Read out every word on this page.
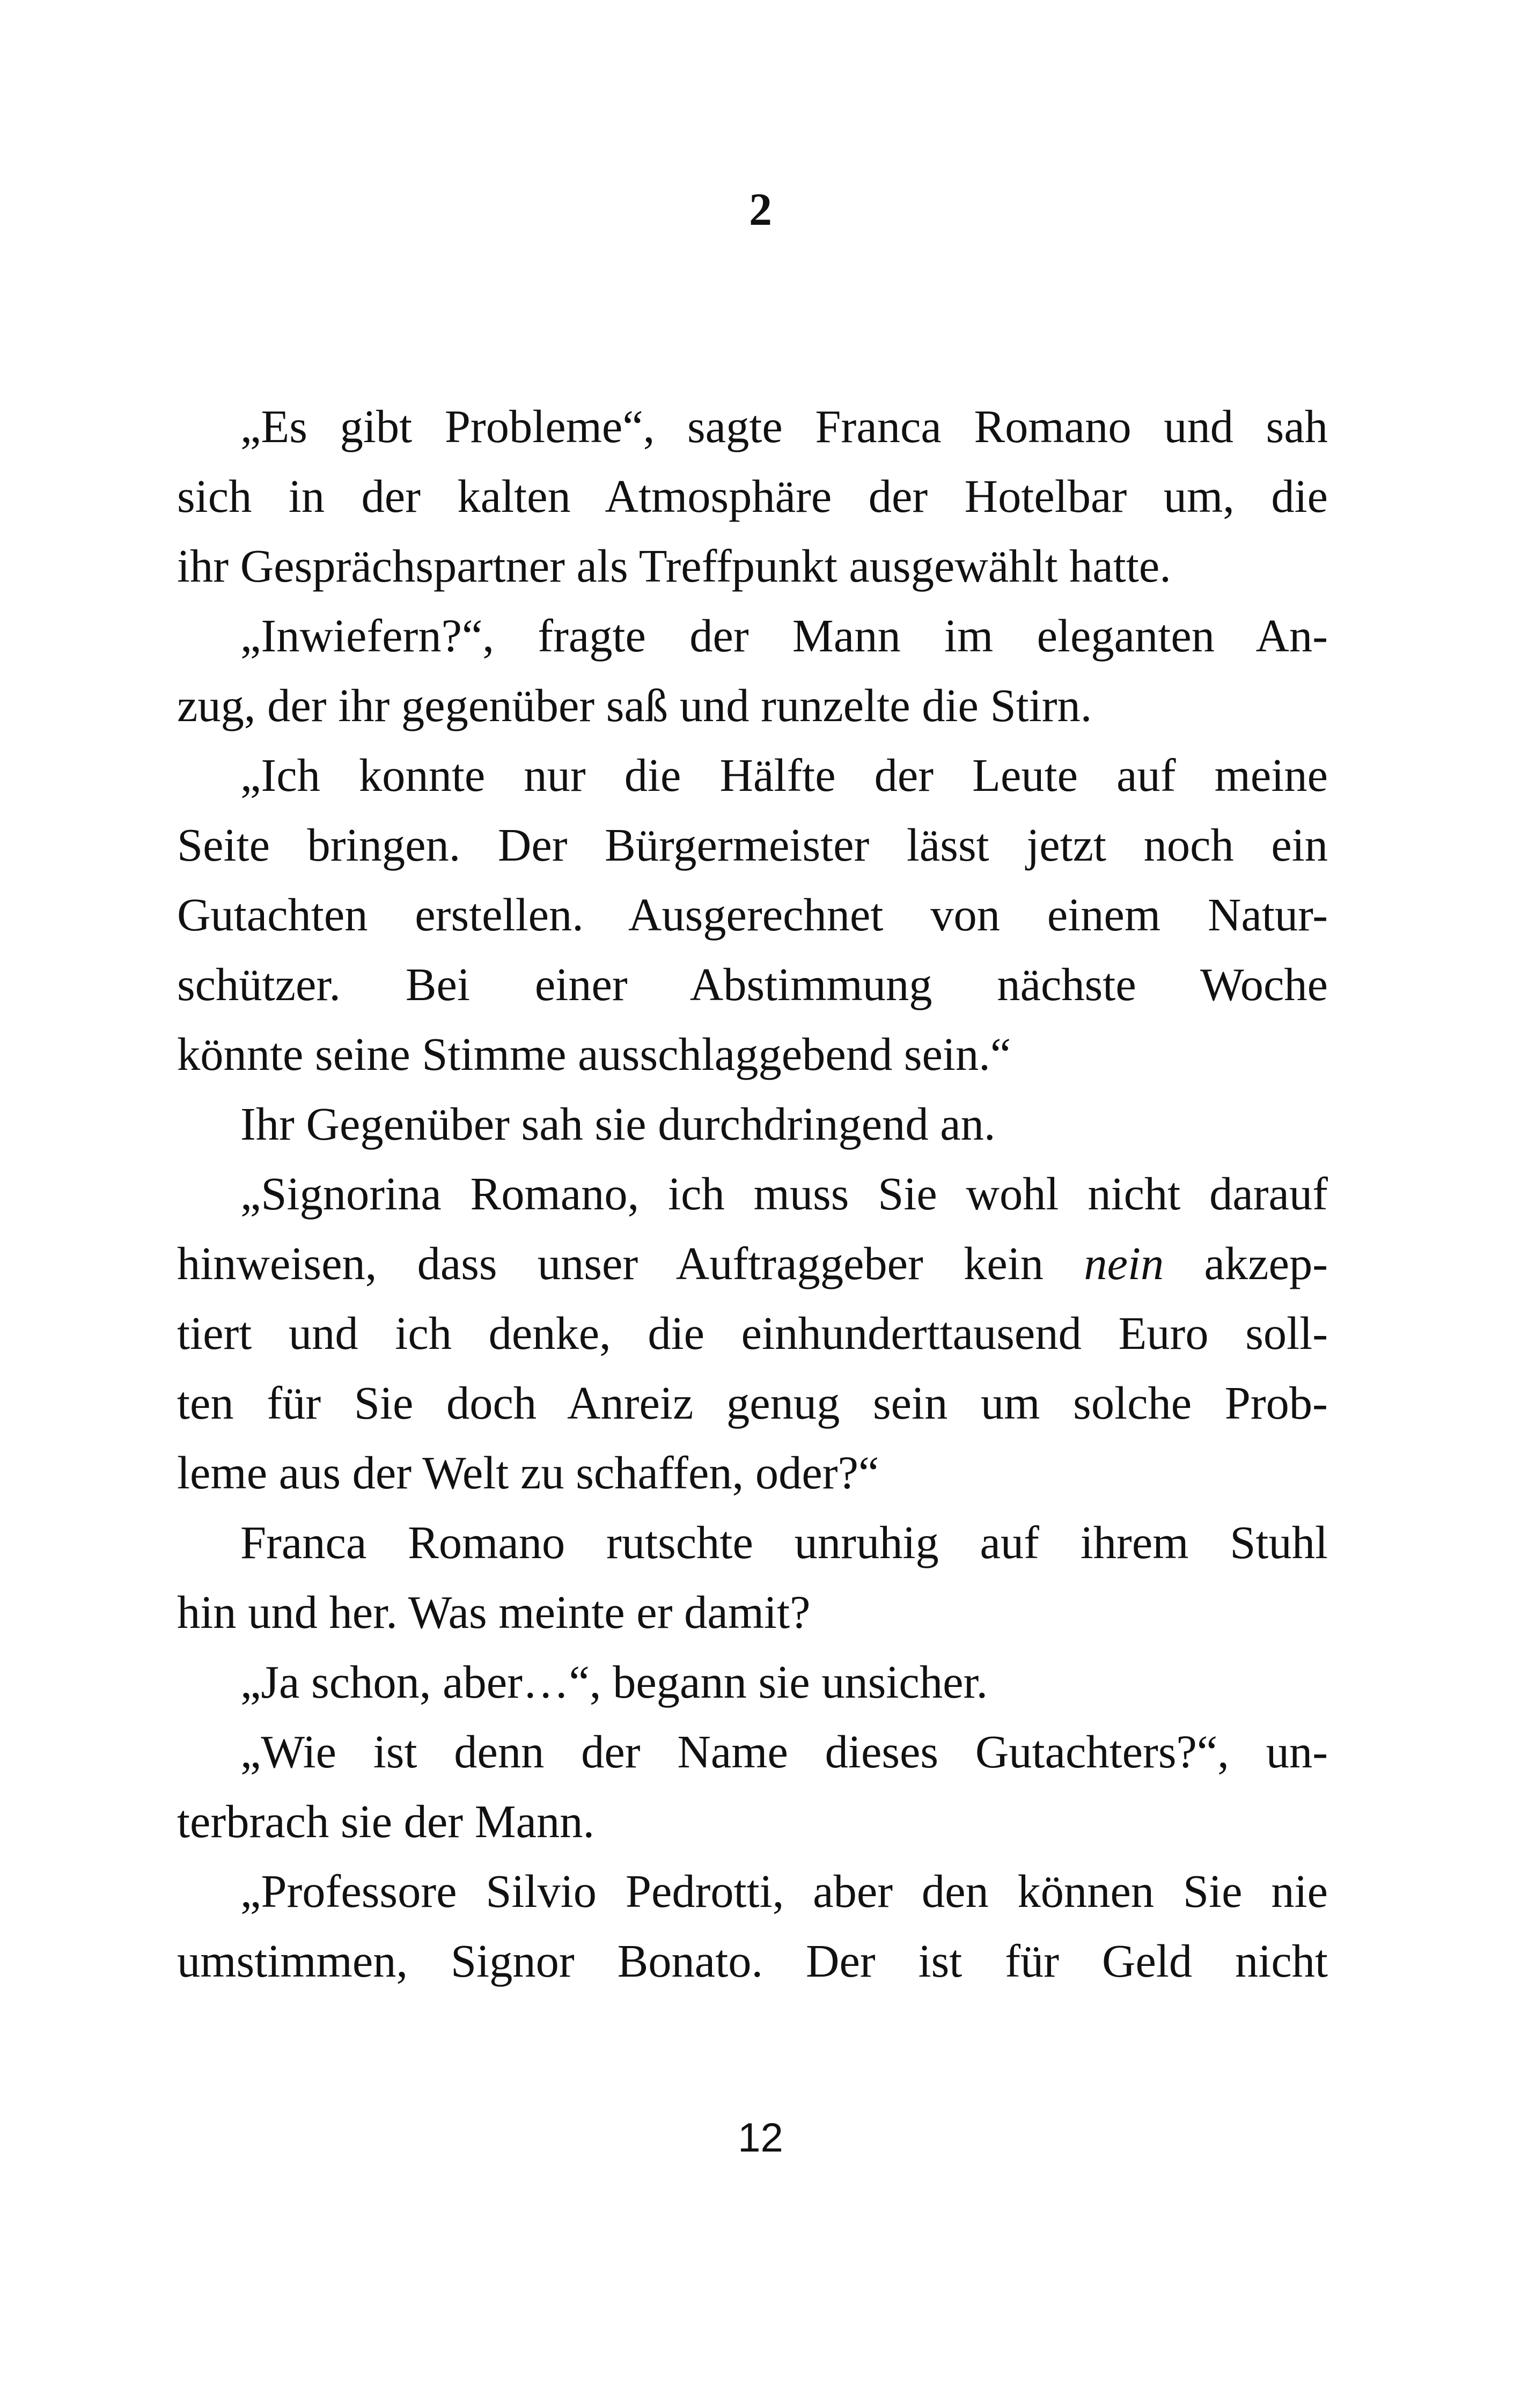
2
„Es gibt Probleme“, sagte Franca Romano und sah
sich in der kalten Atmosphäre der Hotelbar um, die
ihr Gesprächspartner als Treffpunkt ausgewählt hatte.
„Inwiefern?“, fragte der Mann im eleganten An-
zug, der ihr gegenüber saß und runzelte die Stirn.
„Ich konnte nur die Hälfte der Leute auf meine
Seite bringen. Der Bürgermeister lässt jetzt noch ein
Gutachten erstellen. Ausgerechnet von einem Natur-
schützer. Bei einer Abstimmung nächste Woche
könnte seine Stimme ausschlaggebend sein.“
Ihr Gegenüber sah sie durchdringend an.
„Signorina Romano, ich muss Sie wohl nicht darauf
hinweisen, dass unser Auftraggeber kein nein akzep-
tiert und ich denke, die einhunderttausend Euro soll-
ten für Sie doch Anreiz genug sein um solche Prob-
leme aus der Welt zu schaffen, oder?“
Franca Romano rutschte unruhig auf ihrem Stuhl
hin und her. Was meinte er damit?
„Ja schon, aber…“, begann sie unsicher.
„Wie ist denn der Name dieses Gutachters?“, un-
terbrach sie der Mann.
„Professore Silvio Pedrotti, aber den können Sie nie
umstimmen, Signor Bonato. Der ist für Geld nicht
12
